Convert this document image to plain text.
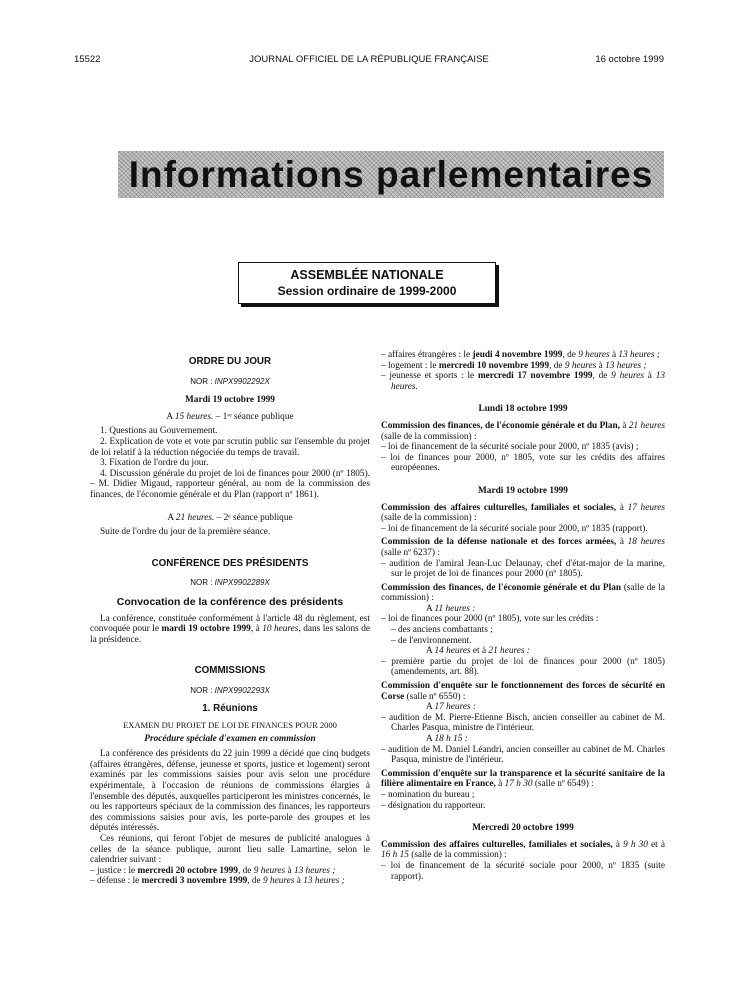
15522	JOURNAL OFFICIEL DE LA RÉPUBLIQUE FRANÇAISE	16 octobre 1999
Informations parlementaires
ASSEMBLÉE NATIONALE
Session ordinaire de 1999-2000
ORDRE DU JOUR
NOR : INPX9902292X
Mardi 19 octobre 1999
A 15 heures. – 1ʳᵉ séance publique

1. Questions au Gouvernement.

2. Explication de vote et vote par scrutin public sur l'ensemble du projet de loi relatif à la réduction négociée du temps de travail.

3. Fixation de l'ordre du jour.

4. Discussion générale du projet de loi de finances pour 2000 (nº 1805). – M. Didier Migaud, rapporteur général, au nom de la commission des finances, de l'économie générale et du Plan (rapport nº 1861).

A 21 heures. – 2ᵉ séance publique

Suite de l'ordre du jour de la première séance.

CONFÉRENCE DES PRÉSIDENTS
NOR : INPX9902289X
Convocation de la conférence des présidents

La conférence, constituée conformément à l'article 48 du règlement, est convoquée pour le mardi 19 octobre 1999, à 10 heures, dans les salons de la présidence.

COMMISSIONS
NOR : INPX9902293X
1. Réunions
EXAMEN DU PROJET DE LOI DE FINANCES POUR 2000
Procédure spéciale d'examen en commission

La conférence des présidents du 22 juin 1999 a décidé que cinq budgets (affaires étrangères, défense, jeunesse et sports, justice et logement) seront examinés par les commissions saisies pour avis selon une procédure expérimentale, à l'occasion de réunions de commissions élargies à l'ensemble des députés, auxquelles participeront les ministres concernés, le ou les rapporteurs spéciaux de la commission des finances, les rapporteurs des commissions saisies pour avis, les porte-parole des groupes et les députés intéressés.

Ces réunions, qui feront l'objet de mesures de publicité analogues à celles de la séance publique, auront lieu salle Lamartine, selon le calendrier suivant :

– justice : le mercredi 20 octobre 1999, de 9 heures à 13 heures ;

– défense : le mercredi 3 novembre 1999, de 9 heures à 13 heures ;

– affaires étrangères : le jeudi 4 novembre 1999, de 9 heures à 13 heures ;

– logement : le mercredi 10 novembre 1999, de 9 heures à 13 heures ;

– jeunesse et sports : le mercredi 17 novembre 1999, de 9 heures à 13 heures.

Lundi 18 octobre 1999

Commission des finances, de l'économie générale et du Plan, à 21 heures (salle de la commission) :

– loi de financement de la sécurité sociale pour 2000, nº 1835 (avis) ;

– loi de finances pour 2000, nº 1805, vote sur les crédits des affaires européennes.

Mardi 19 octobre 1999

Commission des affaires culturelles, familiales et sociales, à 17 heures (salle de la commission) :

– loi de financement de la sécurité sociale pour 2000, nº 1835 (rapport).

Commission de la défense nationale et des forces armées, à 18 heures (salle nº 6237) :

– audition de l'amiral Jean-Luc Delaunay, chef d'état-major de la marine, sur le projet de loi de finances pour 2000 (nº 1805).

Commission des finances, de l'économie générale et du Plan (salle de la commission) :

A 11 heures :

– loi de finances pour 2000 (nº 1805), vote sur les crédits :

– des anciens combattants ;

– de l'environnement.

A 14 heures et à 21 heures :

– première partie du projet de loi de finances pour 2000 (nº 1805) (amendements, art. 88).

Commission d'enquête sur le fonctionnement des forces de sécurité en Corse (salle nº 6550) :

A 17 heures :

– audition de M. Pierre-Etienne Bisch, ancien conseiller au cabinet de M. Charles Pasqua, ministre de l'intérieur.

A 18 h 15 :

– audition de M. Daniel Léandri, ancien conseiller au cabinet de M. Charles Pasqua, ministre de l'intérieur.

Commission d'enquête sur la transparence et la sécurité sanitaire de la filière alimentaire en France, à 17 h 30 (salle nº 6549) :

– nomination du bureau ;

– désignation du rapporteur.

Mercredi 20 octobre 1999

Commission des affaires culturelles, familiales et sociales, à 9 h 30 et à 16 h 15 (salle de la commission) :

– loi de financement de la sécurité sociale pour 2000, nº 1835 (suite rapport).
